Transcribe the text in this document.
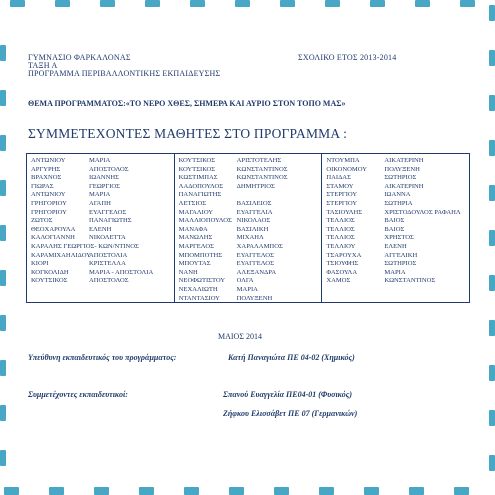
ΓΥΜΝΑΣΙΟ ΦΑΡΚΑΛΟΝΑΣ
ΤΑΞΗ Α
ΠΡΟΓΡΑΜΜΑ ΠΕΡΙΒΑΛΛΟΝΤΙΚΗΣ ΕΚΠΑΙΔΕΥΣΗΣ
ΣΧΟΛΙΚΟ ΕΤΟΣ 2013-2014
ΘΕΜΑ ΠΡΟΓΡΑΜΜΑΤΟΣ:«ΤΟ ΝΕΡΟ ΧΘΕΣ, ΣΗΜΕΡΑ ΚΑΙ ΑΥΡΙΟ ΣΤΟΝ ΤΟΠΟ ΜΑΣ»
ΣΥΜΜΕΤΕΧΟΝΤΕΣ ΜΑΘΗΤΕΣ ΣΤΟ ΠΡΟΓΡΑΜΜΑ :
ΑΝΤΩΝΙΟΥ	ΜΑΡΙΑ
ΑΡΓΥΡΗΣ	ΑΠΟΣΤΟΛΟΣ
ΒΡΑΧΝΟΣ	ΙΩΑΝΝΗΣ
ΓΙΩΡΑΣ	ΓΕΩΡΓΙΟΣ
ΑΝΤΩΝΙΟΥ	ΜΑΡΙΑ
ΓΡΗΓΟΡΙΟΥ	ΑΓΑΠΗ
ΓΡΗΓΟΡΙΟΥ	ΕΥΑΓΓΕΛΟΣ
ΖΩΤΟΣ	ΠΑΝΑΓΙΩΤΗΣ
ΘΕΟΧΑΡΟΥΛΑ	ΕΛΕΝΗ
ΚΑΛΟΓΙΑΝΝΗ	ΝΙΚΟΛΕΤΤΑ
ΚΑΡΑΛΗΣ ΓΕΩΡΓΙΟΣ- ΚΩΝ/ΝΤΙΝΟΣ
ΚΑΡΑΜΙΧΑΗΛΙΔΟΥ
ΑΠΟΣΤΟΛΙΑ
ΚΙΟΡΙ	ΚΡΙΣΤΕΛΛΑ
ΚΟΓΚΟΛΙΔΗ	ΜΑΡΙΑ - ΑΠΟΣΤΟΛΙΑ
ΚΟΥΤΣΙΚΟΣ	ΑΠΟΣΤΟΛΟΣ
ΚΟΥΤΣΙΚΟΣ	ΑΡΙΣΤΟΤΕΛΗΣ
ΚΟΥΤΣΙΚΟΣ	ΚΩΝΣΤΑΝΤΙΝΟΣ
ΚΩΣΤΙΜΠΑΣ	ΚΩΝΣΤΑΝΤΙΝΟΣ
ΛΑΔΟΠΟΥΛΟΣ	ΔΗΜΗΤΡΙΟΣ
ΠΑΝΑΓΙΩΤΗΣ
ΛΕΤΣΙΟΣ	ΒΑΣΙΛΕΙΟΣ
ΜΑΓΑΛΙΟΥ	ΕΥΑΓΓΕΛΙΑ
ΜΑΛΛΙΟΠΟΥΛΟΣ ΝΙΚΟΛΑΟΣ
ΜΑΝΑΦΑ	ΒΑΣΙΛΙΚΗ
ΜΑΝΩΛΗΣ	ΜΙΧΑΗΛ
ΜΑΡΓΕΛΟΣ	ΧΑΡΑΛΑΜΠΟΣ
ΜΠΟΜΠΟΤΗΣ	ΕΥΑΓΓΕΛΟΣ
ΜΠΟΥΤΑΣ	ΕΥΑΓΓΕΛΟΣ
ΝΑΝΗ	ΑΛΕΞΑΝΔΡΑ
ΝΕΟΦΩΤΙΣΤΟΥ	ΟΛΓΑ
ΝΕΧΑΛΙΩΤΗ	ΜΑΡΙΑ
ΝΤΑΝΤΑΣΙΟΥ	ΠΟΛΥΞΕΝΗ
ΝΤΟΥΜΠΑ	ΑΙΚΑΤΕΡΙΝΗ
ΟΙΚΟΝΟΜΟΥ	ΠΟΛΥΞΕΝΗ
ΠΑΙΔΑΣ	ΣΩΤΗΡΙΟΣ
ΣΤΑΜΟΥ	ΑΙΚΑΤΕΡΙΝΗ
ΣΤΕΡΓΙΟΥ	ΙΩΑΝΝΑ
ΣΤΕΡΓΙΟΥ	ΣΩΤΗΡΙΑ
ΤΑΣΙΟΥΛΗΣ	ΧΡΙΣΤΟΔΟΥΛΟΣ ΡΑΦΑΗΛ
ΤΕΛΛΙΟΣ	ΒΑΙΟΣ
ΤΕΛΛΙΟΣ	ΒΑΙΟΣ
ΤΕΛΛΙΟΣ	ΧΡΗΣΤΟΣ
ΤΕΛΛΙΟΥ	ΕΛΕΝΗ
ΤΣΑΡΟΥΧΑ	ΑΓΓΕΛΙΚΗ
ΤΣΙΟΥΦΗΣ	ΣΩΤΗΡΙΟΣ
ΦΑΣΟΥΛΑ	ΜΑΡΙΑ
ΧΑΜΟΣ	ΚΩΝΣΤΑΝΤΙΝΟΣ
ΜΑΙΟΣ 2014
Υπεύθυνη εκπαιδευτικός του προγράμματος:	Κατή Παναγιώτα ΠΕ 04-02 (Χημικός)
Συμμετέχοντες εκπαιδευτικοί:	Σπανού Ευαγγελία ΠΕ04-01 (Φυσικός)
Ζήφκου Ελισσάβετ ΠΕ 07 (Γερμανικών)
